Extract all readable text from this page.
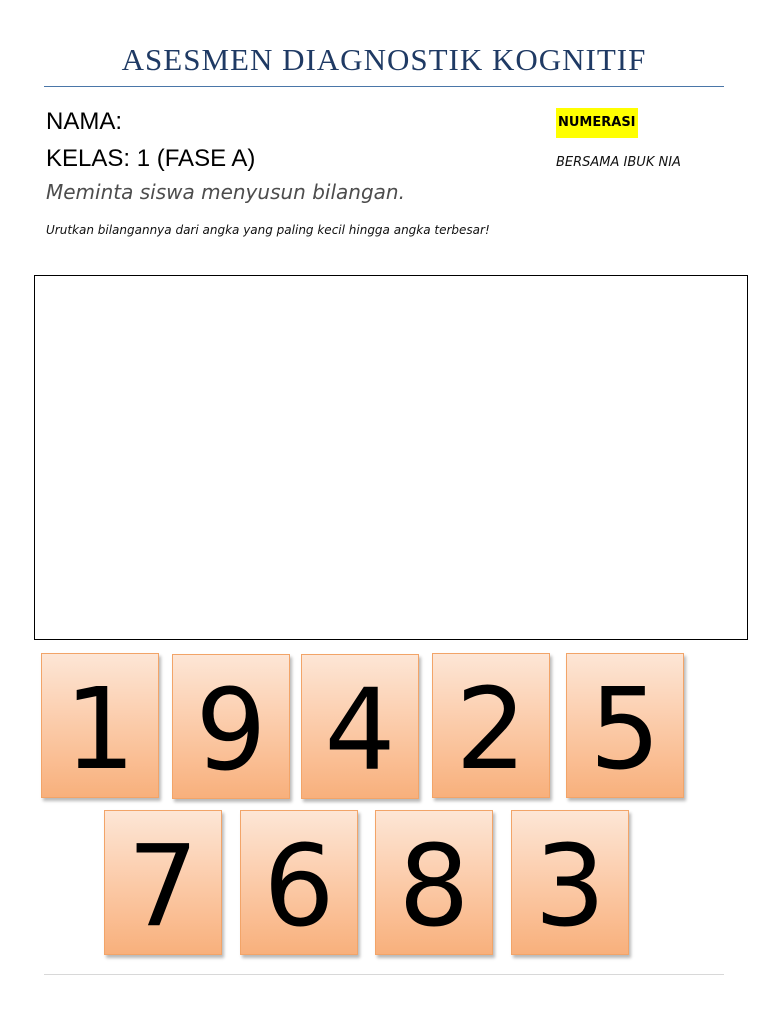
ASESMEN DIAGNOSTIK KOGNITIF
NAMA:
KELAS: 1 (FASE A)
Meminta siswa menyusun bilangan.
Urutkan bilangannya dari angka yang paling kecil hingga angka terbesar!
NUMERASI
BERSAMA IBUK NIA
1 9 4 2 5
7 6 8 3
